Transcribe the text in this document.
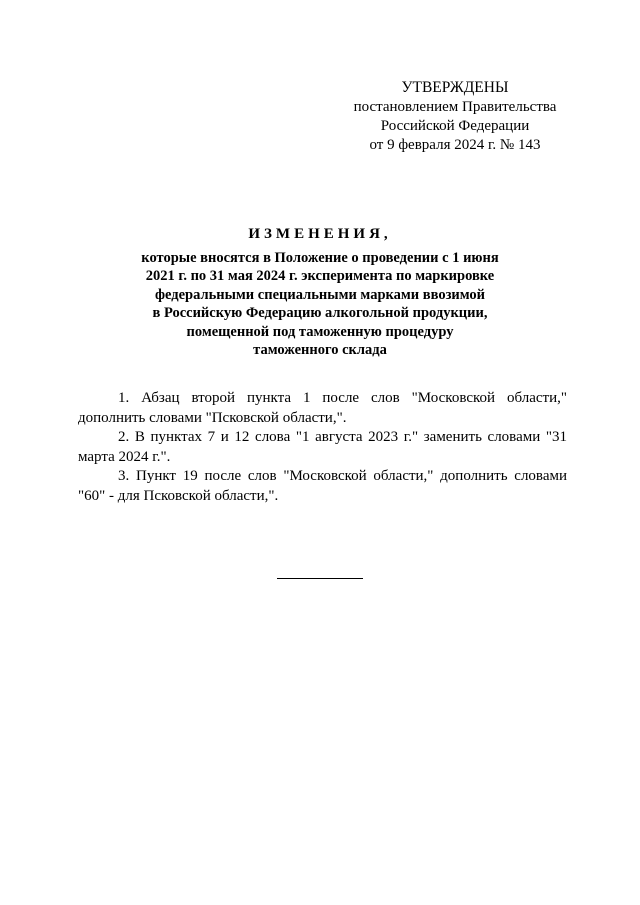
УТВЕРЖДЕНЫ
постановлением Правительства
Российской Федерации
от 9 февраля 2024 г. № 143
ИЗМЕНЕНИЯ,
которые вносятся в Положение о проведении с 1 июня
2021 г. по 31 мая 2024 г. эксперимента по маркировке
федеральными специальными марками ввозимой
в Российскую Федерацию алкогольной продукции,
помещенной под таможенную процедуру
таможенного склада

1. Абзац второй пункта 1 после слов "Московской области," дополнить словами "Псковской области,".

2. В пунктах 7 и 12 слова "1 августа 2023 г." заменить словами "31 марта 2024 г.".

3. Пункт 19 после слов "Московской области," дополнить словами "60" - для Псковской области,".
